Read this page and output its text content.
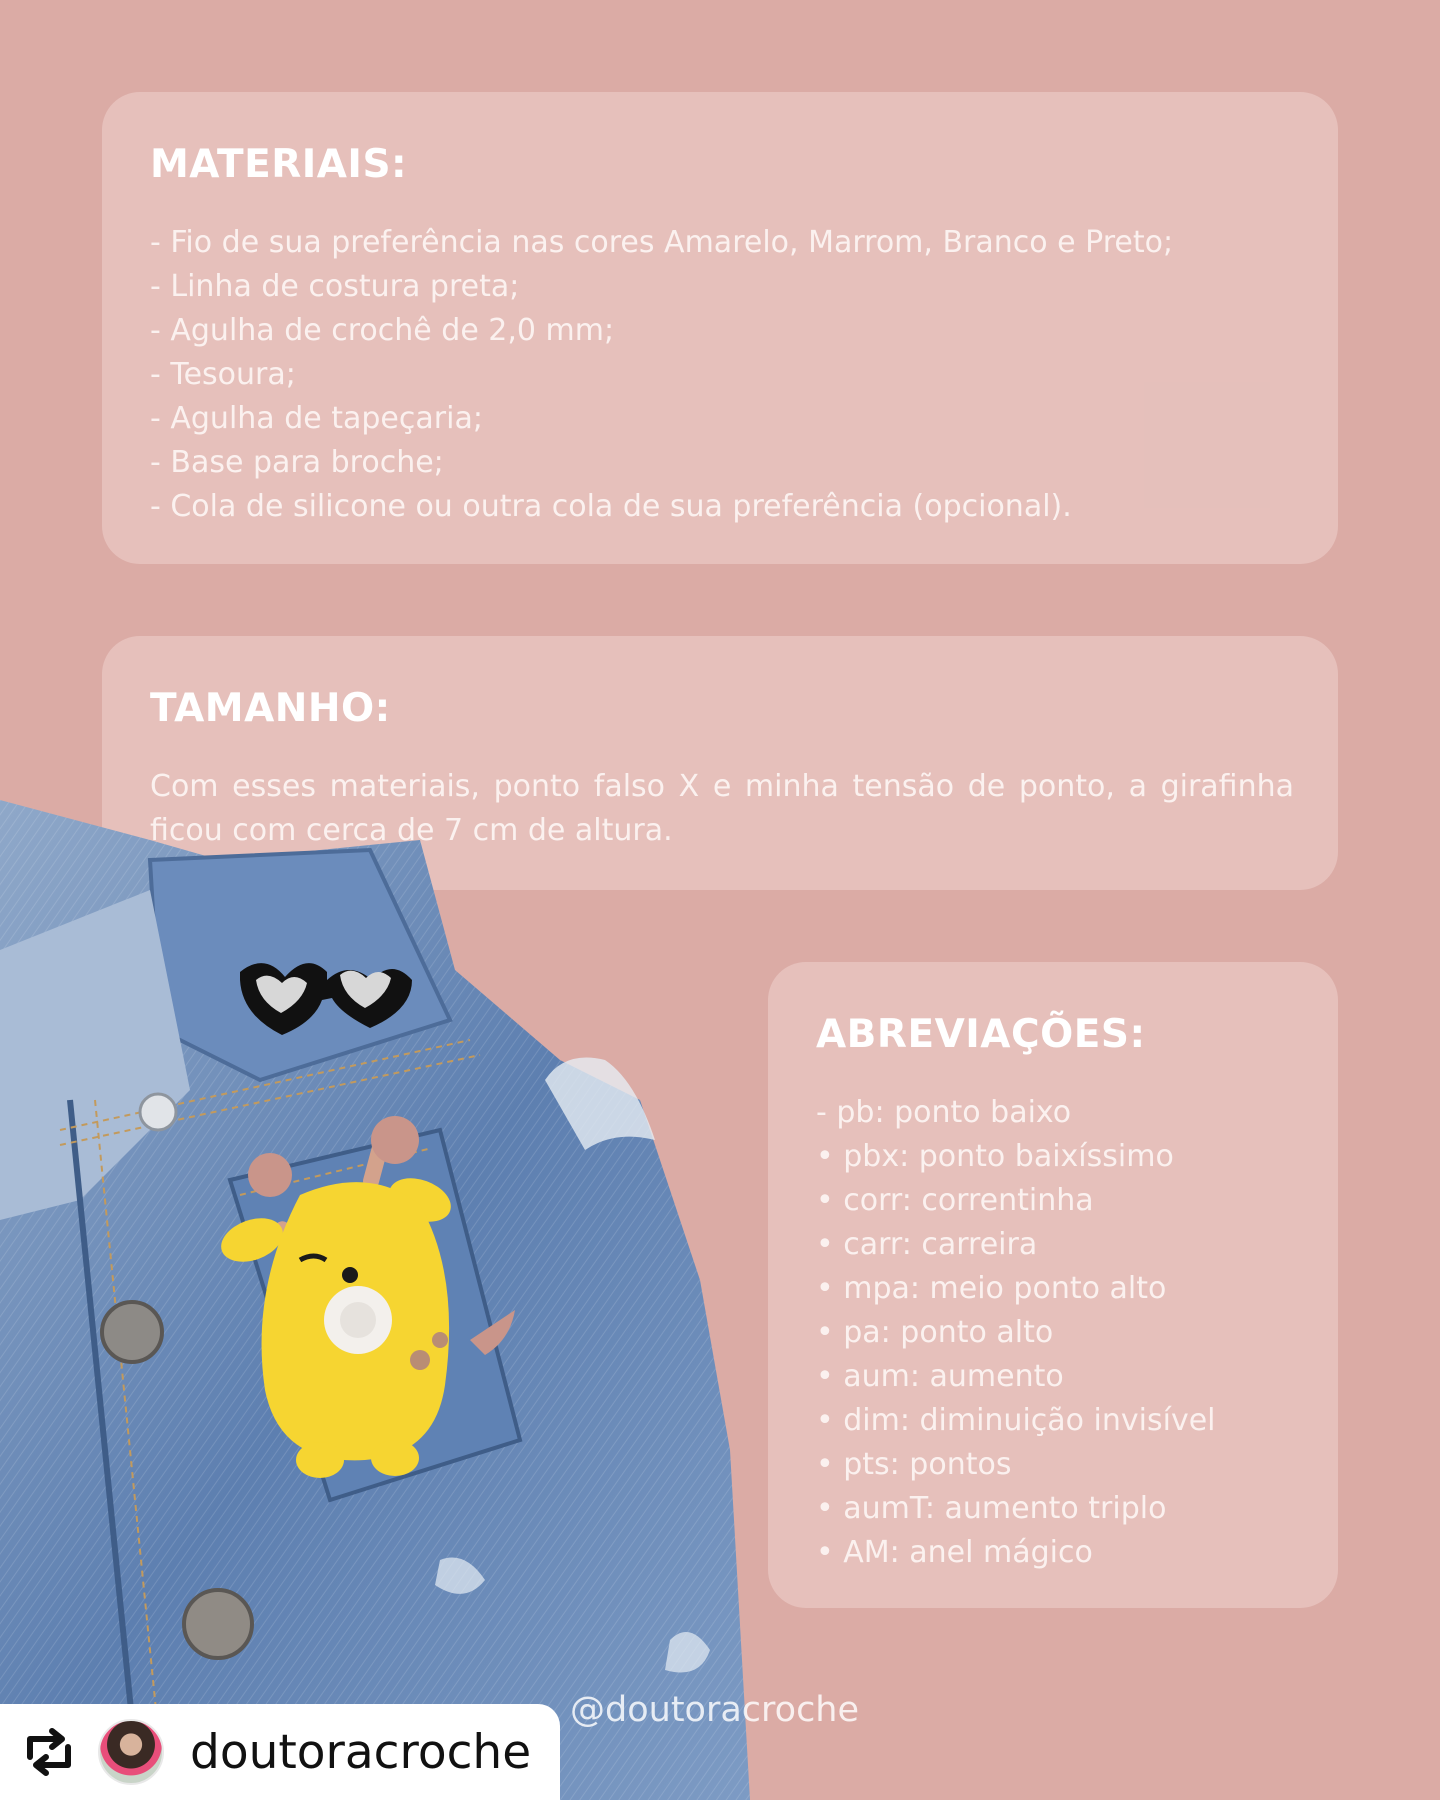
MATERIAIS:
- Fio de sua preferência nas cores Amarelo, Marrom, Branco e Preto;
- Linha de costura preta;
- Agulha de crochê de 2,0 mm;
- Tesoura;
- Agulha de tapeçaria;
- Base para broche;
- Cola de silicone ou outra cola de sua preferência (opcional).
TAMANHO:

Com esses materiais, ponto falso X e minha tensão de ponto, a girafinha ficou com cerca de 7 cm de altura.

@doutoracroche
ABREVIAÇÕES:
- pb: ponto baixo
• pbx: ponto baixíssimo
• corr: correntinha
• carr: carreira
• mpa: meio ponto alto
• pa: ponto alto
• aum: aumento
• dim: diminuição invisível
• pts: pontos
• aumT: aumento triplo
• AM: anel mágico
doutoracroche
